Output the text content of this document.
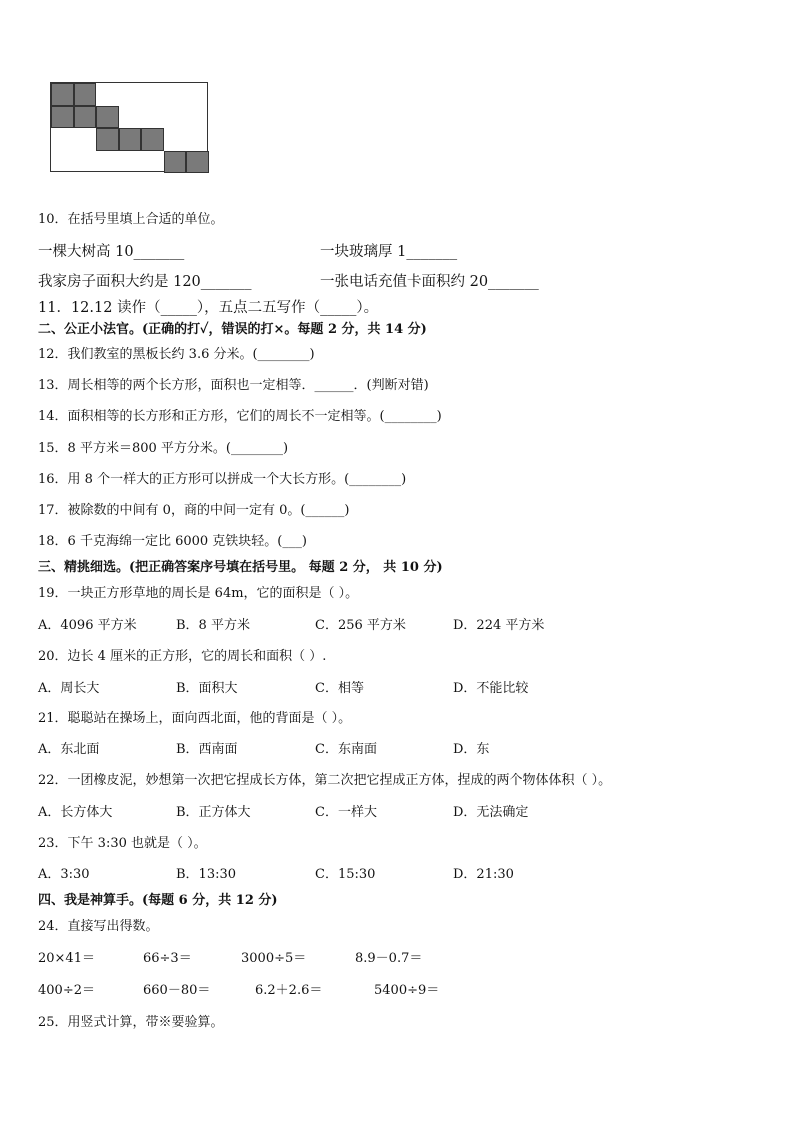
10．在括号里填上合适的单位。
一棵大树高 10_______	一块玻璃厚 1_______
我家房子面积大约是 120_______	一张电话充值卡面积约 20_______
11．12.12 读作（_____），五点二五写作（_____）。
二、公正小法官。(正确的打✓，错误的打×。每题 2 分，共 14 分)
12．我们教室的黑板长约 3.6 分米。(________)
13．周长相等的两个长方形，面积也一定相等．______．(判断对错)
14．面积相等的长方形和正方形，它们的周长不一定相等。(________)
15．8 平方米＝800 平方分米。(________)
16．用 8 个一样大的正方形可以拼成一个大长方形。(________)
17．被除数的中间有 0，商的中间一定有 0。(______)
18．6 千克海绵一定比 6000 克铁块轻。(___)
三、精挑细选。(把正确答案序号填在括号里。 每题 2 分， 共 10 分)
19．一块正方形草地的周长是 64m，它的面积是（ ）。
A．4096 平方米	B．8 平方米	C．256 平方米	D．224 平方米
20．边长 4 厘米的正方形，它的周长和面积（ ）.
A．周长大	B．面积大	C．相等	D．不能比较
21．聪聪站在操场上，面向西北面，他的背面是（ ）。
A．东北面	B．西南面	C．东南面	D．东
22．一团橡皮泥，妙想第一次把它捏成长方体，第二次把它捏成正方体，捏成的两个物体体积（ ）。
A．长方体大	B．正方体大	C．一样大	D．无法确定
23．下午 3:30 也就是（ ）。
A．3:30	B．13:30	C．15:30	D．21:30
四、我是神算手。(每题 6 分，共 12 分)
24．直接写出得数。
20×41＝	66÷3＝	3000÷5＝	8.9－0.7＝
400÷2＝	660－80＝	6.2＋2.6＝	5400÷9＝
25．用竖式计算，带※要验算。
